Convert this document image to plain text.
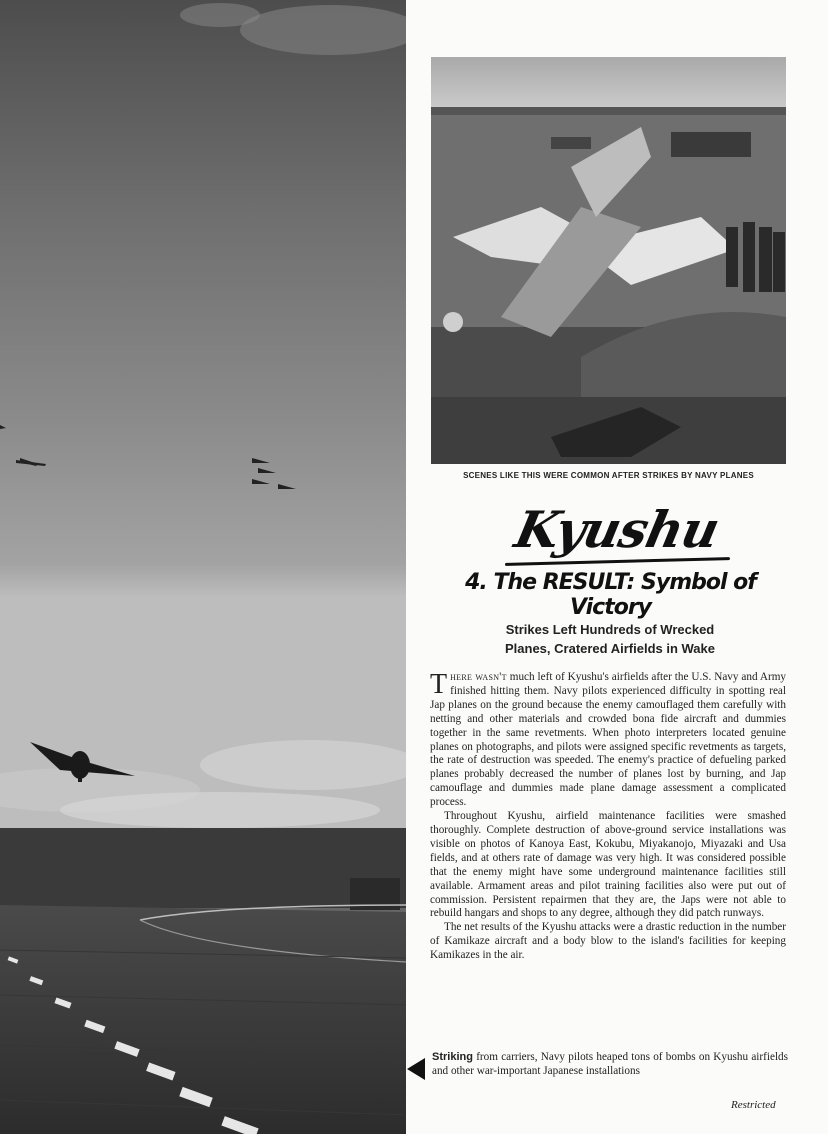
SCENES LIKE THIS WERE COMMON AFTER STRIKES BY NAVY PLANES
Kyushu
4. The RESULT: Symbol of Victory
Strikes Left Hundreds of Wrecked
Planes, Cratered Airfields in Wake

There wasn't much left of Kyushu's airfields after the U.S. Navy and Army finished hitting them. Navy pilots experienced difficulty in spotting real Jap planes on the ground because the enemy camouflaged them carefully with netting and other materials and crowded bona fide aircraft and dummies together in the same revetments. When photo interpreters located genuine planes on photographs, and pilots were assigned specific revetments as targets, the rate of destruction was speeded. The enemy's practice of defueling parked planes probably decreased the number of planes lost by burning, and Jap camouflage and dummies made plane damage assessment a complicated process.

Throughout Kyushu, airfield maintenance facilities were smashed thoroughly. Complete destruction of above-ground service installations was visible on photos of Kanoya East, Kokubu, Miyakanojo, Miyazaki and Usa fields, and at others rate of damage was very high. It was considered possible that the enemy might have some underground maintenance facilities still available. Armament areas and pilot training facilities also were put out of commission. Persistent repairmen that they are, the Japs were not able to rebuild hangars and shops to any degree, although they did patch runways.

The net results of the Kyushu attacks were a drastic reduction in the number of Kamikaze aircraft and a body blow to the island's facilities for keeping Kamikazes in the air.

Striking from carriers, Navy pilots heaped tons of bombs on Kyushu airfields and other war-important Japanese installations
Restricted
